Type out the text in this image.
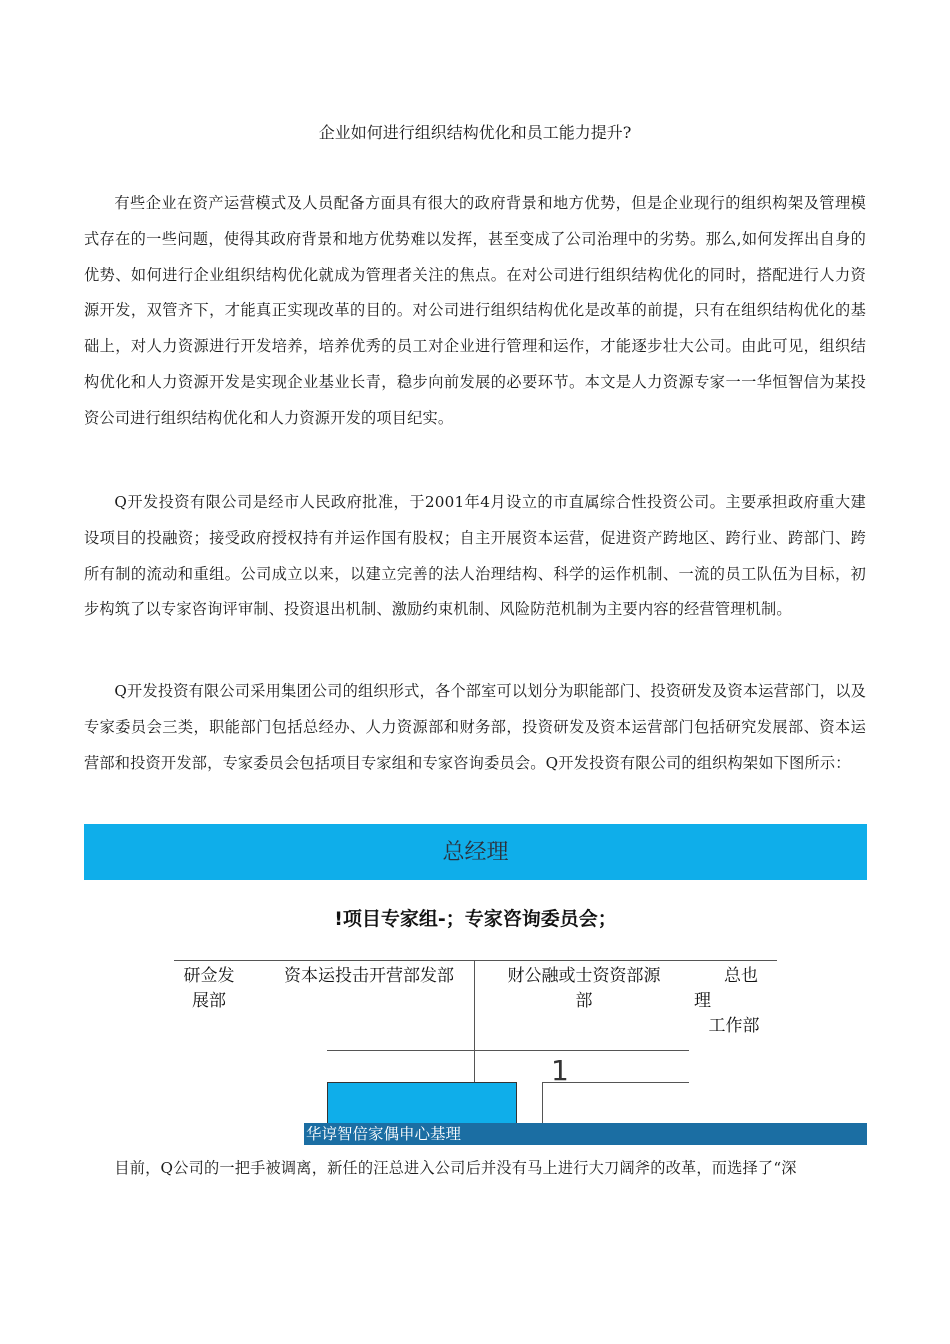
企业如何进行组织结构优化和员工能力提升?

有些企业在资产运营模式及人员配备方面具有很大的政府背景和地方优势，但是企业现行的组织构架及管理模式存在的一些问题，使得其政府背景和地方优势难以发挥，甚至变成了公司治理中的劣势。那么,如何发挥出自身的优势、如何进行企业组织结构优化就成为管理者关注的焦点。在对公司进行组织结构优化的同时，搭配进行人力资源开发，双管齐下，才能真正实现改革的目的。对公司进行组织结构优化是改革的前提，只有在组织结构优化的基础上，对人力资源进行开发培养，培养优秀的员工对企业进行管理和运作，才能逐步壮大公司。由此可见，组织结构优化和人力资源开发是实现企业基业长青，稳步向前发展的必要环节。本文是人力资源专家一一华恒智信为某投资公司进行组织结构优化和人力资源开发的项目纪实。

Q开发投资有限公司是经市人民政府批准，于2001年4月设立的市直属综合性投资公司。主要承担政府重大建设项目的投融资；接受政府授权持有并运作国有股权；自主开展资本运营，促进资产跨地区、跨行业、跨部门、跨所有制的流动和重组。公司成立以来，以建立完善的法人治理结构、科学的运作机制、一流的员工队伍为目标，初步构筑了以专家咨询评审制、投资退出机制、激励约束机制、风险防范机制为主要内容的经营管理机制。

Q开发投资有限公司采用集团公司的组织形式，各个部室可以划分为职能部门、投资研发及资本运营部门，以及专家委员会三类，职能部门包括总经办、人力资源部和财务部，投资研发及资本运营部门包括研究发展部、资本运营部和投资开发部，专家委员会包括项目专家组和专家咨询委员会。Q开发投资有限公司的组织构架如下图所示：

总经理
!项目专家组-；专家咨询委员会；
研佥发
展部
资本运投击开营部发部	财公融或士资资部源
部
总也
理
工作部
1
华谆智倍家偶申心基理

目前，Q公司的一把手被调离，新任的汪总进入公司后并没有马上进行大刀阔斧的改革，而选择了“深
